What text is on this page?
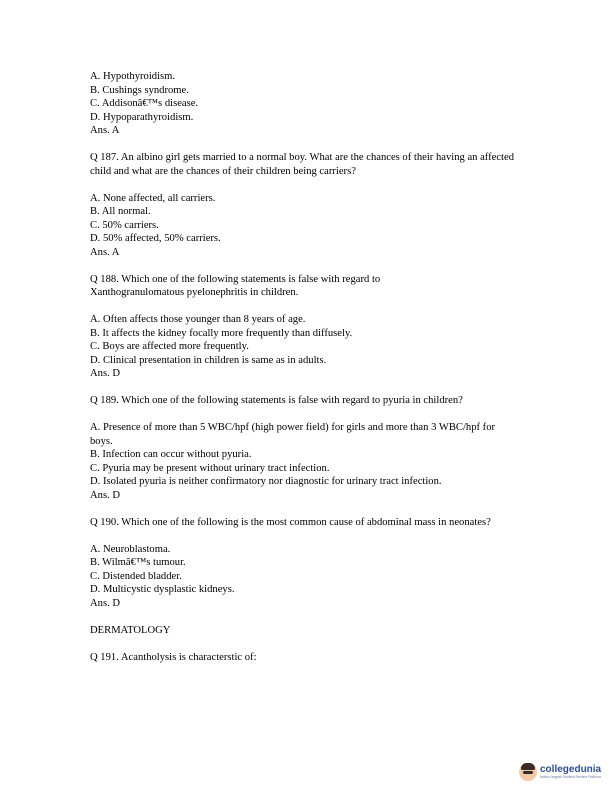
A. Hypothyroidism.
B. Cushings syndrome.
C. Addisonâ€™s disease.
D. Hypoparathyroidism.
Ans. A
Q 187. An albino girl gets married to a normal boy. What are the chances of their having an affected child and what are the chances of their children being carriers?
A. None affected, all carriers.
B. All normal.
C. 50% carriers.
D. 50% affected, 50% carriers.
Ans. A
Q 188. Which one of the following statements is false with regard to Xanthogranulomatous pyelonephritis in children.
A. Often affects those younger than 8 years of age.
B. It affects the kidney focally more frequently than diffusely.
C. Boys are affected more frequently.
D. Clinical presentation in children is same as in adults.
Ans. D
Q 189. Which one of the following statements is false with regard to pyuria in children?
A. Presence of more than 5 WBC/hpf (high power field) for girls and more than 3 WBC/hpf for boys.
B. Infection can occur without pyuria.
C. Pyuria may be present without urinary tract infection.
D. Isolated pyuria is neither confirmatory nor diagnostic for urinary tract infection.
Ans. D
Q 190. Which one of the following is the most common cause of abdominal mass in neonates?
A. Neuroblastoma.
B. Wilmâ€™s tumour.
C. Distended bladder.
D. Multicystic dysplastic kidneys.
Ans. D
DERMATOLOGY
Q 191. Acantholysis is characterstic of:
collegedunia
India's largest Student Review Platform
